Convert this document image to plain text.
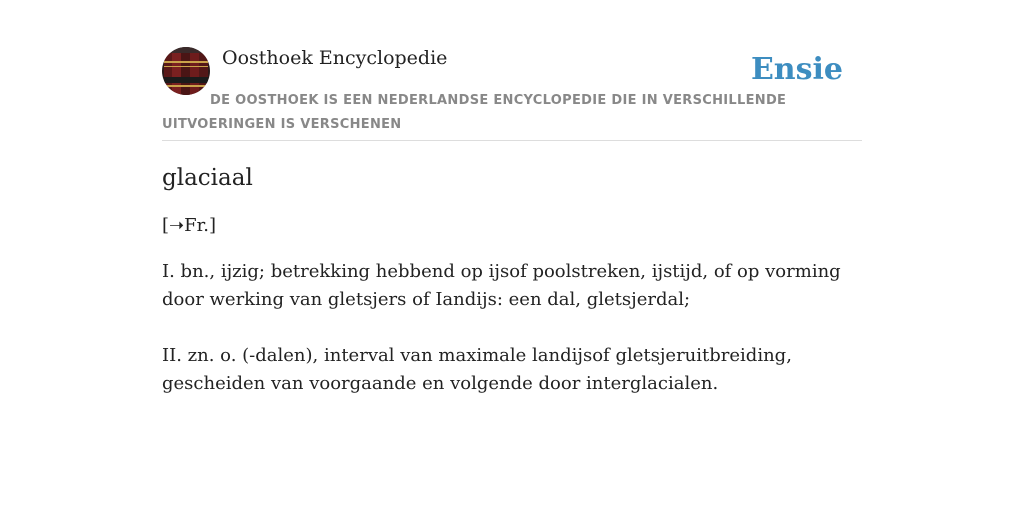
Oosthoek Encyclopedie	Ensie
DE OOSTHOEK IS EEN NEDERLANDSE ENCYCLOPEDIE DIE IN VERSCHILLENDE UITVOERINGEN IS VERSCHENEN
glaciaal

[➝Fr.]

I. bn., ijzig; betrekking hebbend op ijsof poolstreken, ijstijd, of op vorming door werking van gletsjers of Iandijs: een dal, gletsjerdal;

II. zn. o. (-dalen), interval van maximale landijsof gletsjeruitbreiding, gescheiden van voorgaande en volgende door interglacialen.
